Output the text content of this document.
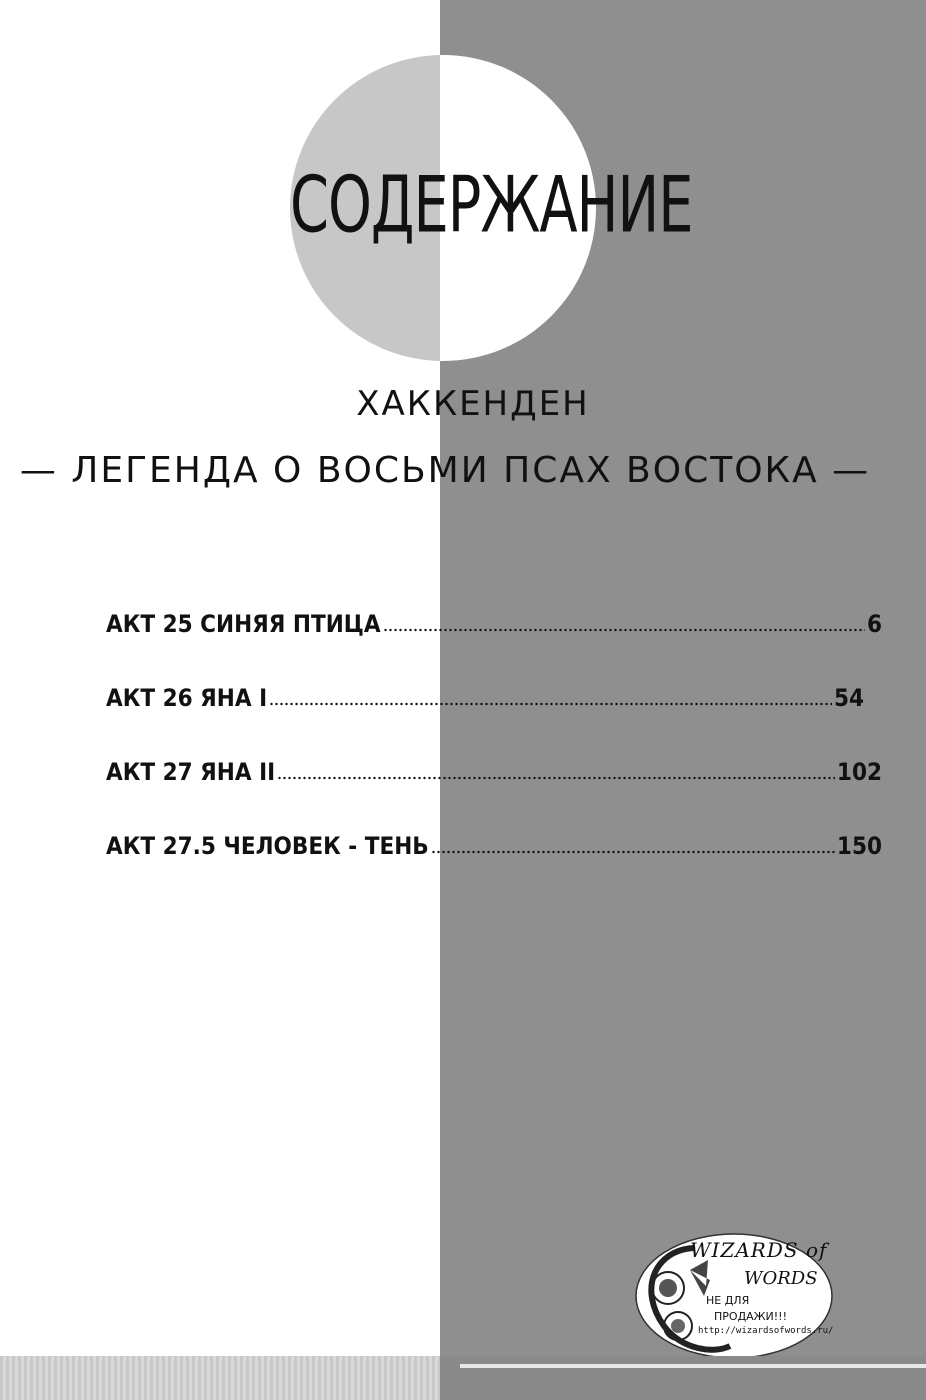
СОДЕРЖАНИЕ
ХАККЕНДЕН
— ЛЕГЕНДА О ВОСЬМИ ПСАХ ВОСТОКА —
АКТ 25 СИНЯЯ ПТИЦА	6
АКТ 26 ЯНА I	54
АКТ 27 ЯНА II	102
АКТ 27.5 ЧЕЛОВЕК - ТЕНЬ	150
WIZARDS of
WORDS
НЕ ДЛЯ
ПРОДАЖИ!!!
http://wizardsofwords.ru/
